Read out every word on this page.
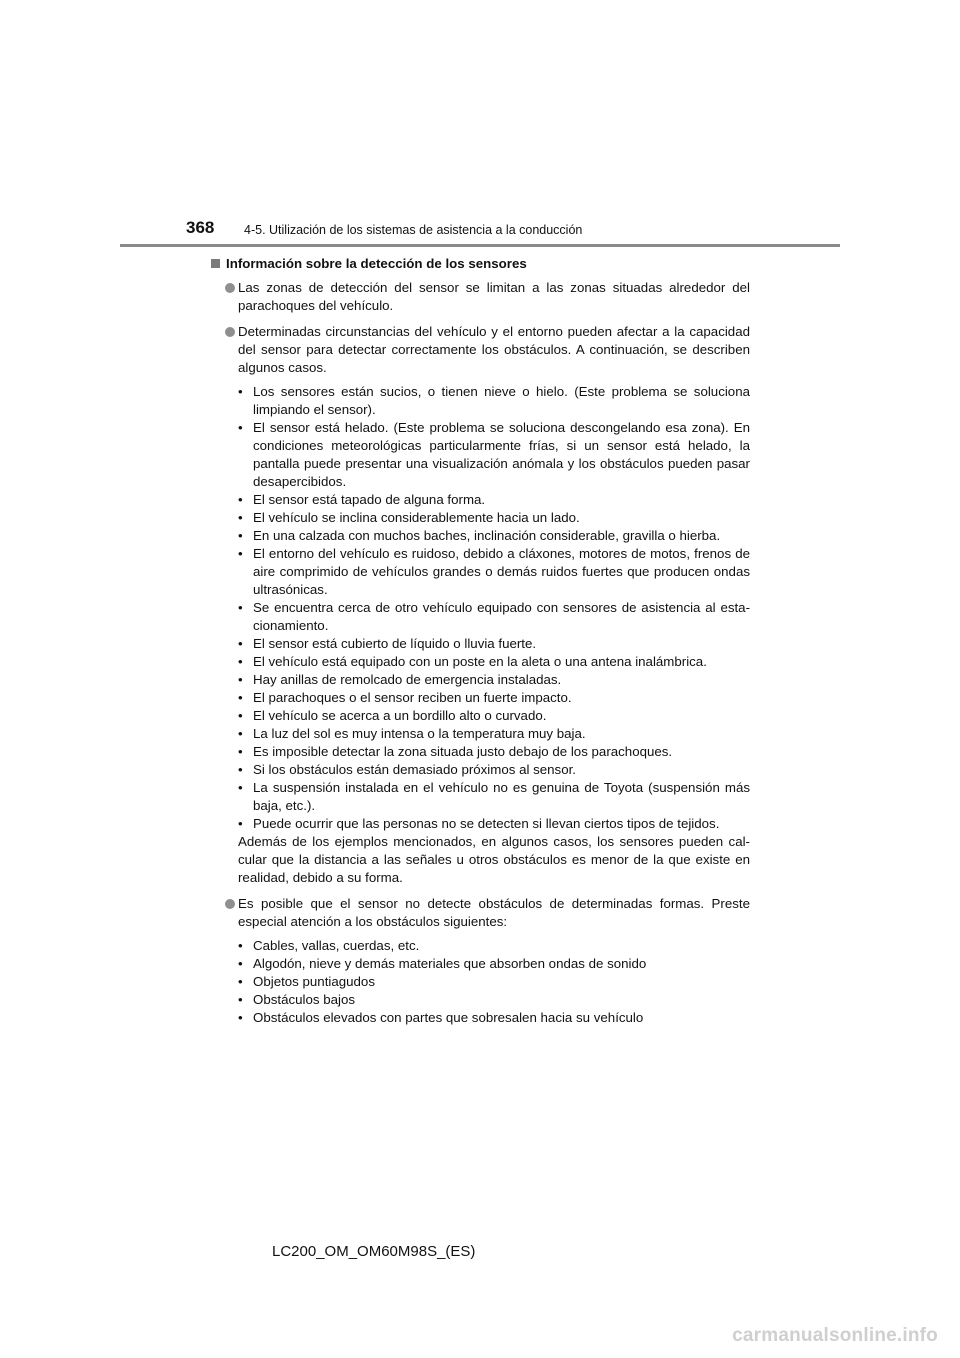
368 4-5. Utilización de los sistemas de asistencia a la conducción
Información sobre la detección de los sensores
Las zonas de detección del sensor se limitan a las zonas situadas alrededor del parachoques del vehículo.
Determinadas circunstancias del vehículo y el entorno pueden afectar a la capacidad del sensor para detectar correctamente los obstáculos. A continuación, se describen algunos casos.
• Los sensores están sucios, o tienen nieve o hielo. (Este problema se soluciona limpiando el sensor).
• El sensor está helado. (Este problema se soluciona descongelando esa zona). En condiciones meteorológicas particularmente frías, si un sensor está helado, la pantalla puede presentar una visualización anómala y los obstáculos pueden pasar desapercibidos.
• El sensor está tapado de alguna forma.
• El vehículo se inclina considerablemente hacia un lado.
• En una calzada con muchos baches, inclinación considerable, gravilla o hierba.
• El entorno del vehículo es ruidoso, debido a cláxones, motores de motos, frenos de aire comprimido de vehículos grandes o demás ruidos fuertes que producen ondas ultrasónicas.
• Se encuentra cerca de otro vehículo equipado con sensores de asistencia al esta-cionamiento.
• El sensor está cubierto de líquido o lluvia fuerte.
• El vehículo está equipado con un poste en la aleta o una antena inalámbrica.
• Hay anillas de remolcado de emergencia instaladas.
• El parachoques o el sensor reciben un fuerte impacto.
• El vehículo se acerca a un bordillo alto o curvado.
• La luz del sol es muy intensa o la temperatura muy baja.
• Es imposible detectar la zona situada justo debajo de los parachoques.
• Si los obstáculos están demasiado próximos al sensor.
• La suspensión instalada en el vehículo no es genuina de Toyota (suspensión más baja, etc.).
• Puede ocurrir que las personas no se detecten si llevan ciertos tipos de tejidos.
Además de los ejemplos mencionados, en algunos casos, los sensores pueden cal-cular que la distancia a las señales u otros obstáculos es menor de la que existe en realidad, debido a su forma.
Es posible que el sensor no detecte obstáculos de determinadas formas. Preste especial atención a los obstáculos siguientes:
• Cables, vallas, cuerdas, etc.
• Algodón, nieve y demás materiales que absorben ondas de sonido
• Objetos puntiagudos
• Obstáculos bajos
• Obstáculos elevados con partes que sobresalen hacia su vehículo
LC200_OM_OM60M98S_(ES)
carmanualsonline.info
